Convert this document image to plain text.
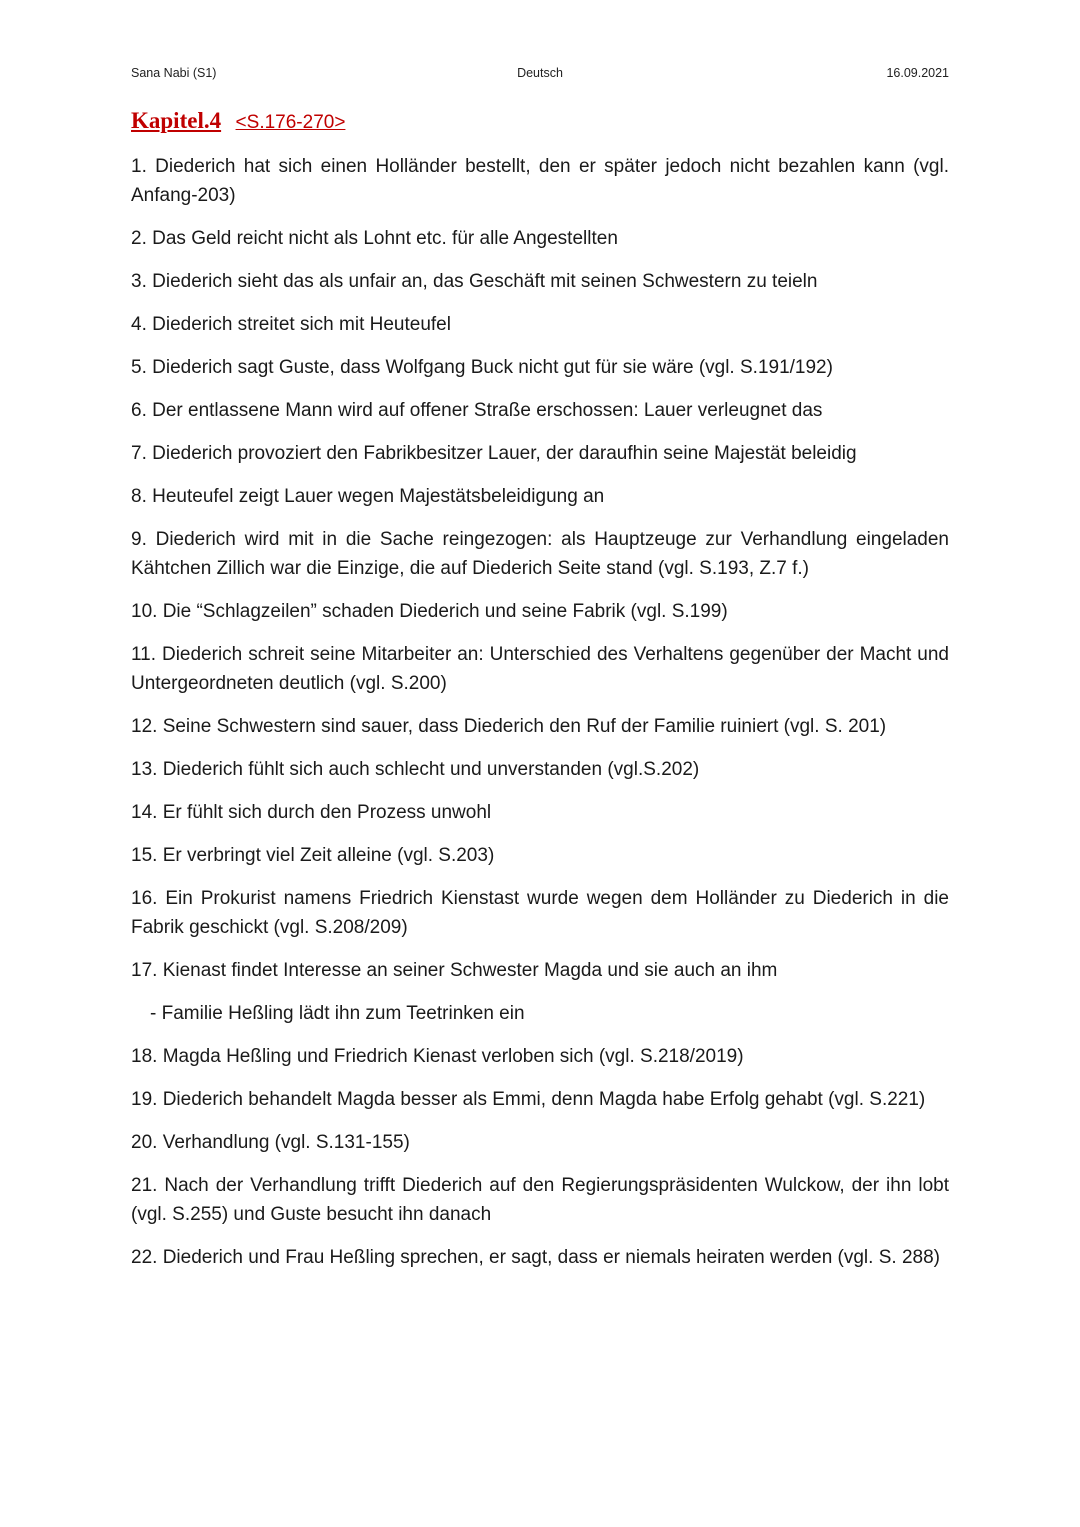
Sana Nabi (S1)	Deutsch	16.09.2021
Kapitel.4 <S.176-270>
1. Diederich hat sich einen Holländer bestellt, den er später jedoch nicht bezahlen kann (vgl. Anfang-203)
2. Das Geld reicht nicht als Lohnt etc. für alle Angestellten
3. Diederich sieht das als unfair an, das Geschäft mit seinen Schwestern zu teieln
4. Diederich streitet sich mit Heuteufel
5. Diederich sagt Guste, dass Wolfgang Buck nicht gut für sie wäre (vgl. S.191/192)
6. Der entlassene Mann wird auf offener Straße erschossen: Lauer verleugnet das
7. Diederich provoziert den Fabrikbesitzer Lauer, der daraufhin seine Majestät beleidig
8. Heuteufel zeigt Lauer wegen Majestätsbeleidigung an
9. Diederich wird mit in die Sache reingezogen: als Hauptzeuge zur Verhandlung eingeladen Kähtchen Zillich war die Einzige, die auf Diederich Seite stand (vgl. S.193, Z.7 f.)
10. Die “Schlagzeilen” schaden Diederich und seine Fabrik (vgl. S.199)
11. Diederich schreit seine Mitarbeiter an: Unterschied des Verhaltens gegenüber der Macht und Untergeordneten deutlich (vgl. S.200)
12. Seine Schwestern sind sauer, dass Diederich den Ruf der Familie ruiniert (vgl. S. 201)
13. Diederich fühlt sich auch schlecht und unverstanden (vgl.S.202)
14. Er fühlt sich durch den Prozess unwohl
15. Er verbringt viel Zeit alleine (vgl. S.203)
16. Ein Prokurist namens Friedrich Kienstast wurde wegen dem Holländer zu Diederich in die Fabrik geschickt (vgl. S.208/209)
17. Kienast findet Interesse an seiner Schwester Magda und sie auch an ihm
- Familie Heßling lädt ihn zum Teetrinken ein
18. Magda Heßling und Friedrich Kienast verloben sich (vgl. S.218/2019)
19. Diederich behandelt Magda besser als Emmi, denn Magda habe Erfolg gehabt (vgl. S.221)
20. Verhandlung (vgl. S.131-155)
21. Nach der Verhandlung trifft Diederich auf den Regierungspräsidenten Wulckow, der ihn lobt (vgl. S.255) und Guste besucht ihn danach
22. Diederich und Frau Heßling sprechen, er sagt, dass er niemals heiraten werden (vgl. S. 288)
